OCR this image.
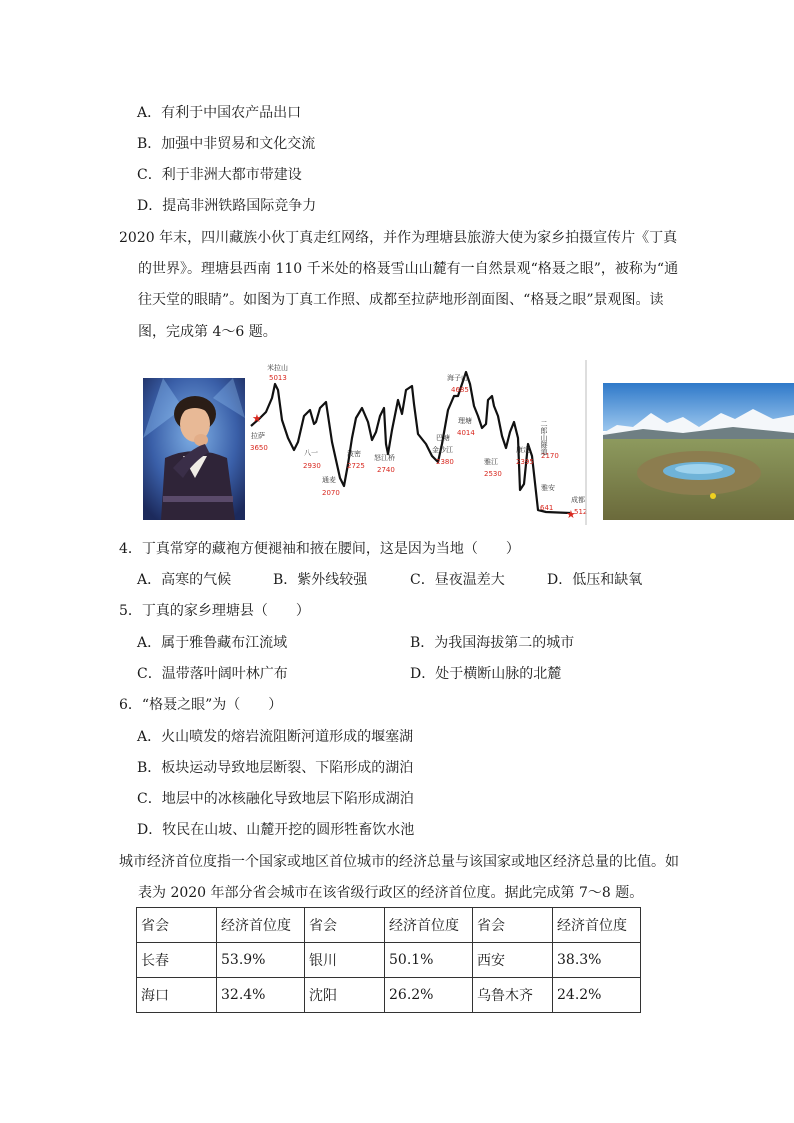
A．有利于中国农产品出口
B．加强中非贸易和文化交流
C．利于非洲大都市带建设
D．提高非洲铁路国际竞争力
2020 年末，四川藏族小伙丁真走红网络，并作为理塘县旅游大使为家乡拍摄宣传片《丁真
的世界》。理塘县西南 110 千米处的格聂雪山山麓有一自然景观“格聂之眼”，被称为“通
往天堂的眼睛”。如图为丁真工作照、成都至拉萨地形剖面图、“格聂之眼”景观图。读
图，完成第 4～6 题。
★
★
米拉山
5013
拉萨
3650
八一
2930
通麦
2070
波密
2725
怒江桥
2740
海子山
4685
理塘
4014
巴塘
金沙江
2380	雅江
2530
康定
2395
2170
雅安
641
成都
512
二郎山隧道
4．丁真常穿的藏袍方便褪袖和掖在腰间，这是因为当地（　　）
A．高寒的气候	B．紫外线较强	C．昼夜温差大	D．低压和缺氧
5．丁真的家乡理塘县（　　）
A．属于雅鲁藏布江流域	B．为我国海拔第二的城市
C．温带落叶阔叶林广布	D．处于横断山脉的北麓
6．“格聂之眼”为（　　）
A．火山喷发的熔岩流阻断河道形成的堰塞湖
B．板块运动导致地层断裂、下陷形成的湖泊
C．地层中的冰核融化导致地层下陷形成湖泊
D．牧民在山坡、山麓开挖的圆形牲畜饮水池
城市经济首位度指一个国家或地区首位城市的经济总量与该国家或地区经济总量的比值。如
表为 2020 年部分省会城市在该省级行政区的经济首位度。据此完成第 7～8 题。
省会	经济首位度	省会	经济首位度	省会	经济首位度
长春	53.9%	银川	50.1%	西安	38.3%
海口	32.4%	沈阳	26.2%	乌鲁木齐	24.2%
